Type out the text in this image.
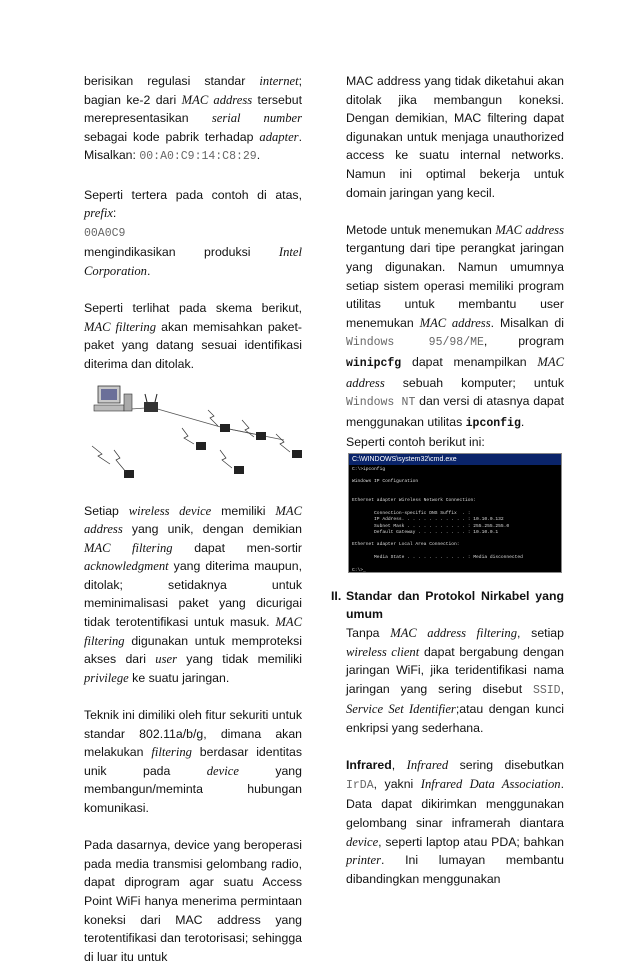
berisikan regulasi standar internet; bagian ke-2 dari MAC address tersebut merepresentasikan serial number sebagai kode pabrik terhadap adapter. Misalkan: 00:A0:C9:14:C8:29.

Seperti tertera pada contoh di atas, prefix:
00A0C9
mengindikasikan produksi Intel Corporation.

Seperti terlihat pada skema berikut, MAC filtering akan memisahkan paket-paket yang datang sesuai identifikasi diterima dan ditolak.

Setiap wireless device memiliki MAC address yang unik, dengan demikian MAC filtering dapat men-sortir acknowledgment yang diterima maupun, ditolak; setidaknya untuk meminimalisasi paket yang dicurigai tidak terotentifikasi untuk masuk. MAC filtering digunakan untuk memproteksi akses dari user yang tidak memiliki privilege ke suatu jaringan.

Teknik ini dimiliki oleh fitur sekuriti untuk standar 802.11a/b/g, dimana akan melakukan filtering berdasar identitas unik pada device yang membangun/meminta hubungan komunikasi.

Pada dasarnya, device yang beroperasi pada media transmisi gelombang radio, dapat diprogram agar suatu Access Point WiFi hanya menerima permintaan koneksi dari MAC address yang terotentifikasi dan terotorisasi; sehingga di luar itu untuk

MAC address yang tidak diketahui akan ditolak jika membangun koneksi. Dengan demikian, MAC filtering dapat digunakan untuk menjaga unauthorized access ke suatu internal networks. Namun ini optimal bekerja untuk domain jaringan yang kecil.

Metode untuk menemukan MAC address tergantung dari tipe perangkat jaringan yang digunakan. Namun umumnya setiap sistem operasi memiliki program utilitas untuk membantu user menemukan MAC address. Misalkan di Windows 95/98/ME, program winipcfg dapat menampilkan MAC address sebuah komputer; untuk Windows NT dan versi di atasnya dapat menggunakan utilitas ipconfig.

Seperti contoh berikut ini:

C:\WINDOWS\system32\cmd.exe
C:\>ipconfig

Windows IP Configuration

Ethernet adapter Wireless Network Connection:

Connection-specific DNS Suffix  . :
IP Address. . . . . . . . . . . . : 10.10.0.132
Subnet Mask . . . . . . . . . . . : 255.255.255.0
Default Gateway . . . . . . . . . : 10.10.0.1

Ethernet adapter Local Area Connection:

Media State . . . . . . . . . . . : Media disconnected

C:\>_
II. Standar dan Protokol Nirkabel yang umum

Tanpa MAC address filtering, setiap wireless client dapat bergabung dengan jaringan WiFi, jika teridentifikasi nama jaringan yang sering disebut SSID, Service Set Identifier;atau dengan kunci enkripsi yang sederhana.

Infrared, Infrared sering disebutkan IrDA, yakni Infrared Data Association. Data dapat dikirimkan menggunakan gelombang sinar inframerah diantara device, seperti laptop atau PDA; bahkan printer. Ini lumayan membantu dibandingkan menggunakan
